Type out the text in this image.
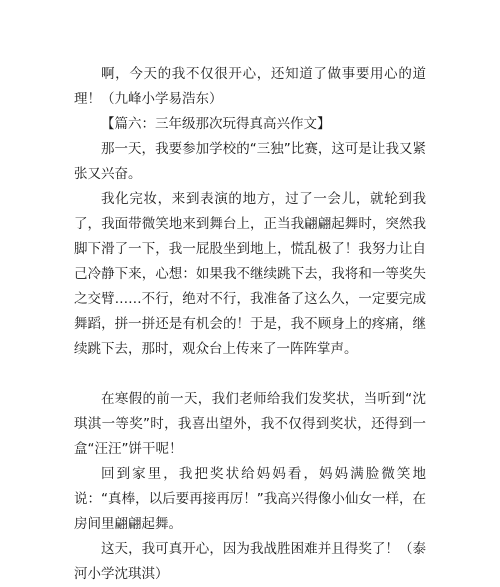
啊，今天的我不仅很开心，还知道了做事要用心的道理！（九峰小学易浩东）

【篇六：三年级那次玩得真高兴作文】

那一天，我要参加学校的“三独”比赛，这可是让我又紧张又兴奋。

我化完妆，来到表演的地方，过了一会儿，就轮到我了，我面带微笑地来到舞台上，正当我翩翩起舞时，突然我脚下滑了一下，我一屁股坐到地上，慌乱极了！我努力让自己冷静下来，心想：如果我不继续跳下去，我将和一等奖失之交臂……不行，绝对不行，我准备了这么久，一定要完成舞蹈，拼一拼还是有机会的！于是，我不顾身上的疼痛，继续跳下去，那时，观众台上传来了一阵阵掌声。

在寒假的前一天，我们老师给我们发奖状，当听到“沈琪淇一等奖”时，我喜出望外，我不仅得到奖状，还得到一盒“汪汪”饼干呢！

回到家里，我把奖状给妈妈看，妈妈满脸微笑地说：“真棒，以后要再接再厉！”我高兴得像小仙女一样，在房间里翩翩起舞。

这天，我可真开心，因为我战胜困难并且得奖了！（泰河小学沈琪淇）
